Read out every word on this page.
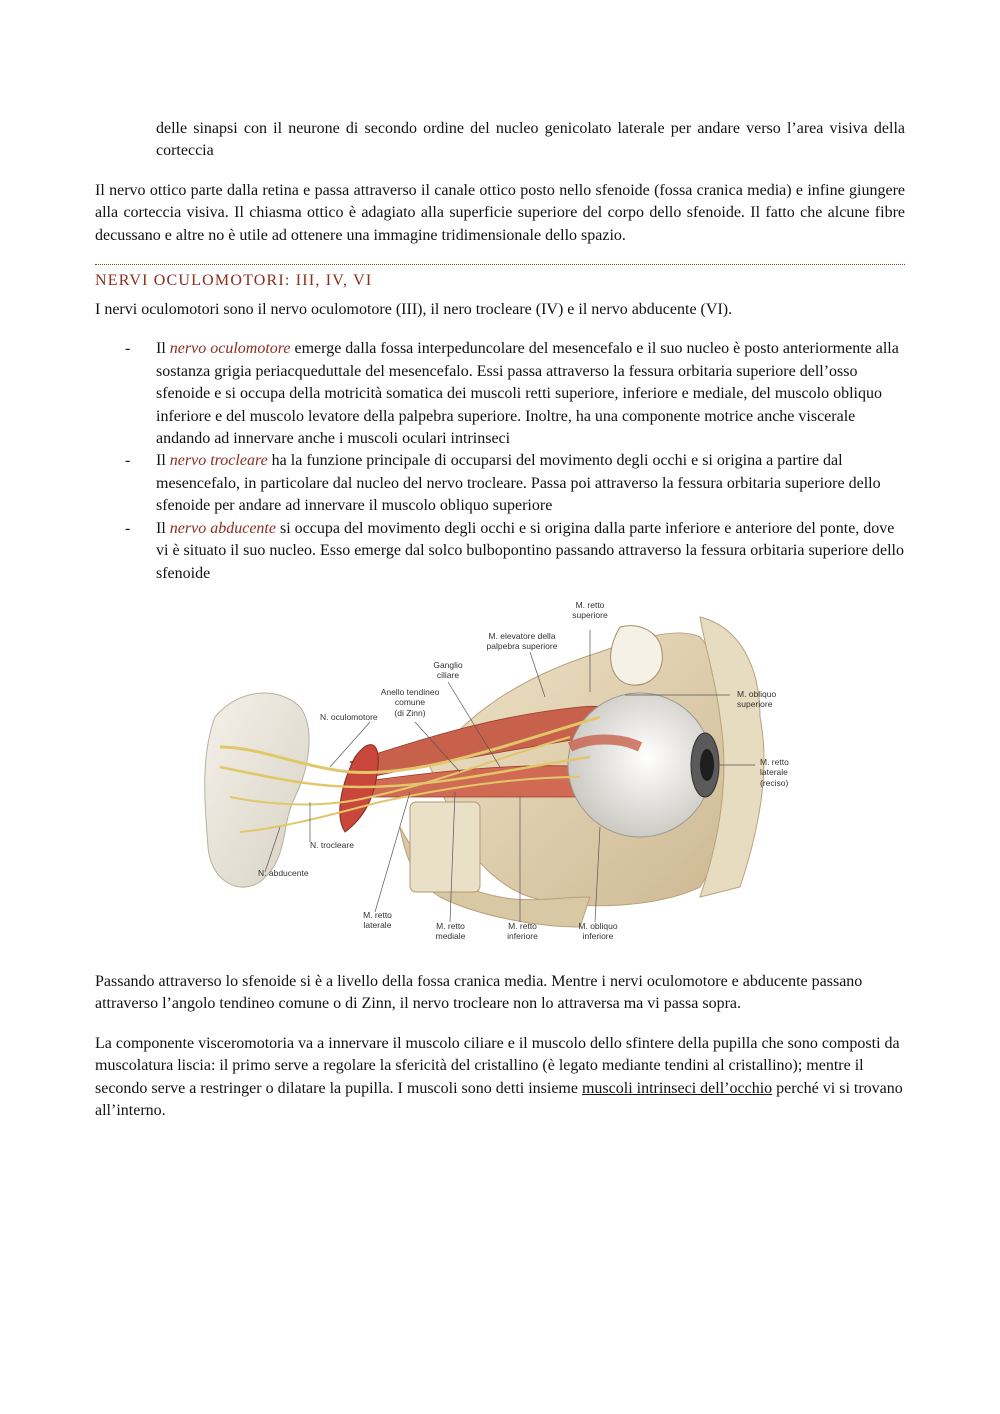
delle sinapsi con il neurone di secondo ordine del nucleo genicolato laterale per andare verso l’area visiva della corteccia

Il nervo ottico parte dalla retina e passa attraverso il canale ottico posto nello sfenoide (fossa cranica media) e infine giungere alla corteccia visiva. Il chiasma ottico è adagiato alla superficie superiore del corpo dello sfenoide. Il fatto che alcune fibre decussano e altre no è utile ad ottenere una immagine tridimensionale dello spazio.

NERVI OCULOMOTORI: III, IV, VI

I nervi oculomotori sono il nervo oculomotore (III), il nero trocleare (IV) e il nervo abducente (VI).

- Il nervo oculomotore emerge dalla fossa interpeduncolare del mesencefalo e il suo nucleo è posto anteriormente alla sostanza grigia periacqueduttale del mesencefalo. Essi passa attraverso la fessura orbitaria superiore dell’osso sfenoide e si occupa della motricità somatica dei muscoli retti superiore, inferiore e mediale, del muscolo obliquo inferiore e del muscolo levatore della palpebra superiore. Inoltre, ha una componente motrice anche viscerale andando ad innervare anche i muscoli oculari intrinseci
- Il nervo trocleare ha la funzione principale di occuparsi del movimento degli occhi e si origina a partire dal mesencefalo, in particolare dal nucleo del nervo trocleare. Passa poi attraverso la fessura orbitaria superiore dello sfenoide per andare ad innervare il muscolo obliquo superiore
- Il nervo abducente si occupa del movimento degli occhi e si origina dalla parte inferiore e anteriore del ponte, dove vi è situato il suo nucleo. Esso emerge dal solco bulbopontino passando attraverso la fessura orbitaria superiore dello sfenoide
M. retto
superiore
M. elevatore della
palpebra superiore
Ganglio
ciliare
Anello tendineo
comune
(di Zinn)
N. oculomotore
M. obliquo
superiore
M. retto
laterale
(reciso)
N. trocleare
N. abducente
M. retto
laterale	M. retto
mediale
M. retto
inferiore
M. obliquo
inferiore

Passando attraverso lo sfenoide si è a livello della fossa cranica media. Mentre i nervi oculomotore e abducente passano attraverso l’angolo tendineo comune o di Zinn, il nervo trocleare non lo attraversa ma vi passa sopra.

La componente visceromotoria va a innervare il muscolo ciliare e il muscolo dello sfintere della pupilla che sono composti da muscolatura liscia: il primo serve a regolare la sfericità del cristallino (è legato mediante tendini al cristallino); mentre il secondo serve a restringer o dilatare la pupilla. I muscoli sono detti insieme muscoli intrinseci dell’occhio perché vi si trovano all’interno.
